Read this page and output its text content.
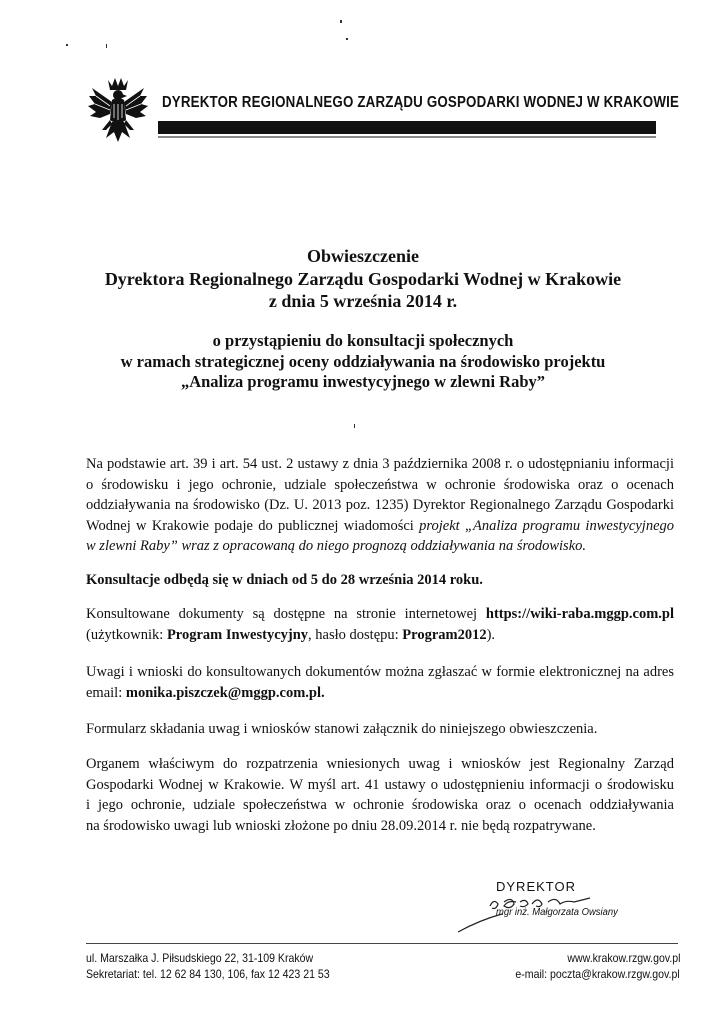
DYREKTOR REGIONALNEGO ZARZĄDU GOSPODARKI WODNEJ W KRAKOWIE
Obwieszczenie
Dyrektora Regionalnego Zarządu Gospodarki Wodnej w Krakowie
z dnia 5 września 2014 r.
o przystąpieniu do konsultacji społecznych
w ramach strategicznej oceny oddziaływania na środowisko projektu
„Analiza programu inwestycyjnego w zlewni Raby”
Na podstawie art. 39 i art. 54 ust. 2 ustawy z dnia 3 października 2008 r. o udostępnianiu informacji
o środowisku i jego ochronie, udziale społeczeństwa w ochronie środowiska oraz o ocenach
oddziaływania na środowisko (Dz. U. 2013 poz. 1235) Dyrektor Regionalnego Zarządu Gospodarki
Wodnej w Krakowie podaje do publicznej wiadomości projekt „Analiza programu inwestycyjnego
w zlewni Raby” wraz z opracowaną do niego prognozą oddziaływania na środowisko.
Konsultacje odbędą się w dniach od 5 do 28 września 2014 roku.
Konsultowane dokumenty są dostępne na stronie internetowej https://wiki-raba.mggp.com.pl
(użytkownik: Program Inwestycyjny, hasło dostępu: Program2012).
Uwagi i wnioski do konsultowanych dokumentów można zgłaszać w formie elektronicznej na adres
email: monika.piszczek@mggp.com.pl.
Formularz składania uwag i wniosków stanowi załącznik do niniejszego obwieszczenia.
Organem właściwym do rozpatrzenia wniesionych uwag i wniosków jest Regionalny Zarząd
Gospodarki Wodnej w Krakowie. W myśl art. 41 ustawy o udostępnieniu informacji o środowisku
i jego ochronie, udziale społeczeństwa w ochronie środowiska oraz o ocenach oddziaływania
na środowisko uwagi lub wnioski złożone po dniu 28.09.2014 r. nie będą rozpatrywane.
DYREKTOR
mgr inż. Małgorzata Owsiany
ul. Marszałka J. Piłsudskiego 22, 31-109 Kraków
Sekretariat: tel. 12 62 84 130, 106, fax 12 423 21 53
www.krakow.rzgw.gov.pl
e-mail: poczta@krakow.rzgw.gov.pl
